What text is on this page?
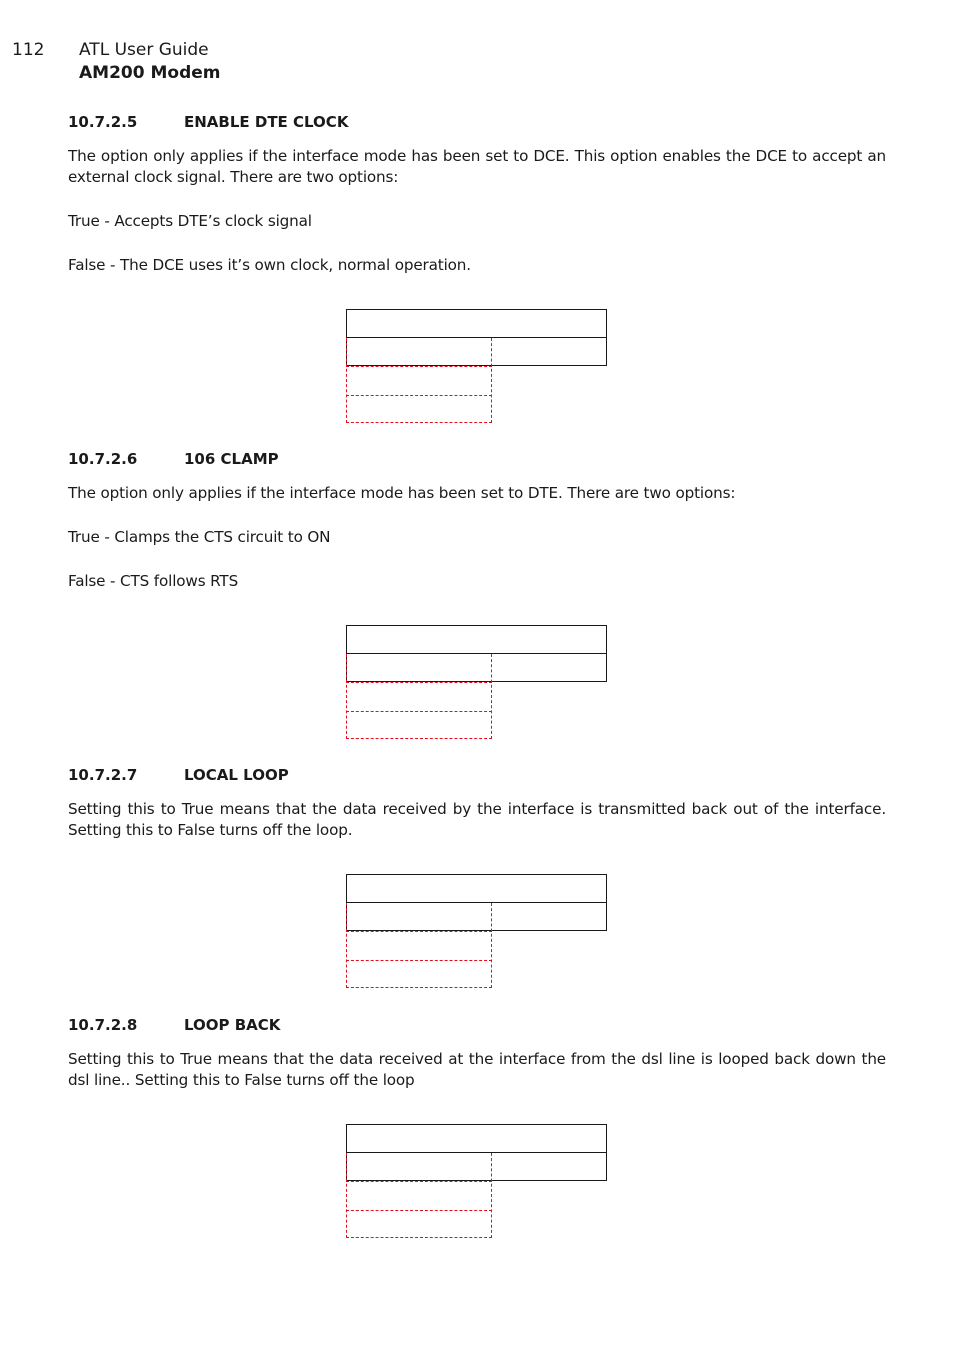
112 ATL User Guide
AM200 Modem
10.7.2.5	ENABLE DTE CLOCK
The option only applies if the interface mode has been set to DCE. This option enables the DCE to accept an external clock signal. There are two options:
True - Accepts DTE’s clock signal
False - The DCE uses it’s own clock, normal operation.
10.7.2.6	106 CLAMP
The option only applies if the interface mode has been set to DTE. There are two options:
True - Clamps the CTS circuit to ON
False - CTS follows RTS
10.7.2.7	LOCAL LOOP
Setting this to True means that the data received by the interface is transmitted back out of the interface. Setting this to False turns off the loop.
10.7.2.8	LOOP BACK
Setting this to True means that the data received at the interface from the dsl line is looped back down the dsl line.. Setting this to False turns off the loop
